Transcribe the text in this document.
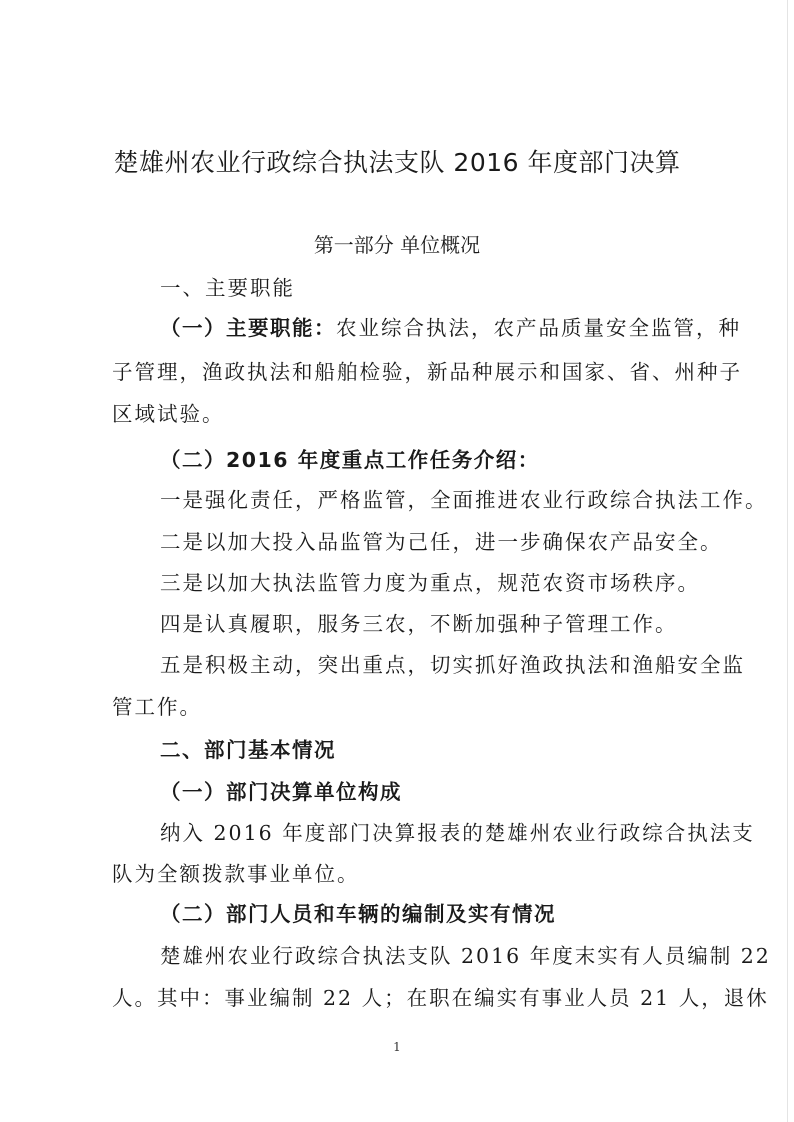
楚雄州农业行政综合执法支队 2016 年度部门决算
第一部分 单位概况
一、主要职能
（一）主要职能：农业综合执法，农产品质量安全监管，种
子管理，渔政执法和船舶检验，新品种展示和国家、省、州种子
区域试验。
（二）2016 年度重点工作任务介绍：
一是强化责任，严格监管，全面推进农业行政综合执法工作。
二是以加大投入品监管为己任，进一步确保农产品安全。
三是以加大执法监管力度为重点，规范农资市场秩序。
四是认真履职，服务三农，不断加强种子管理工作。
五是积极主动，突出重点，切实抓好渔政执法和渔船安全监
管工作。
二、部门基本情况
（一）部门决算单位构成
纳入 2016 年度部门决算报表的楚雄州农业行政综合执法支
队为全额拨款事业单位。
（二）部门人员和车辆的编制及实有情况
楚雄州农业行政综合执法支队 2016 年度末实有人员编制 22
人。其中：事业编制 22 人；在职在编实有事业人员 21 人，退休
1
